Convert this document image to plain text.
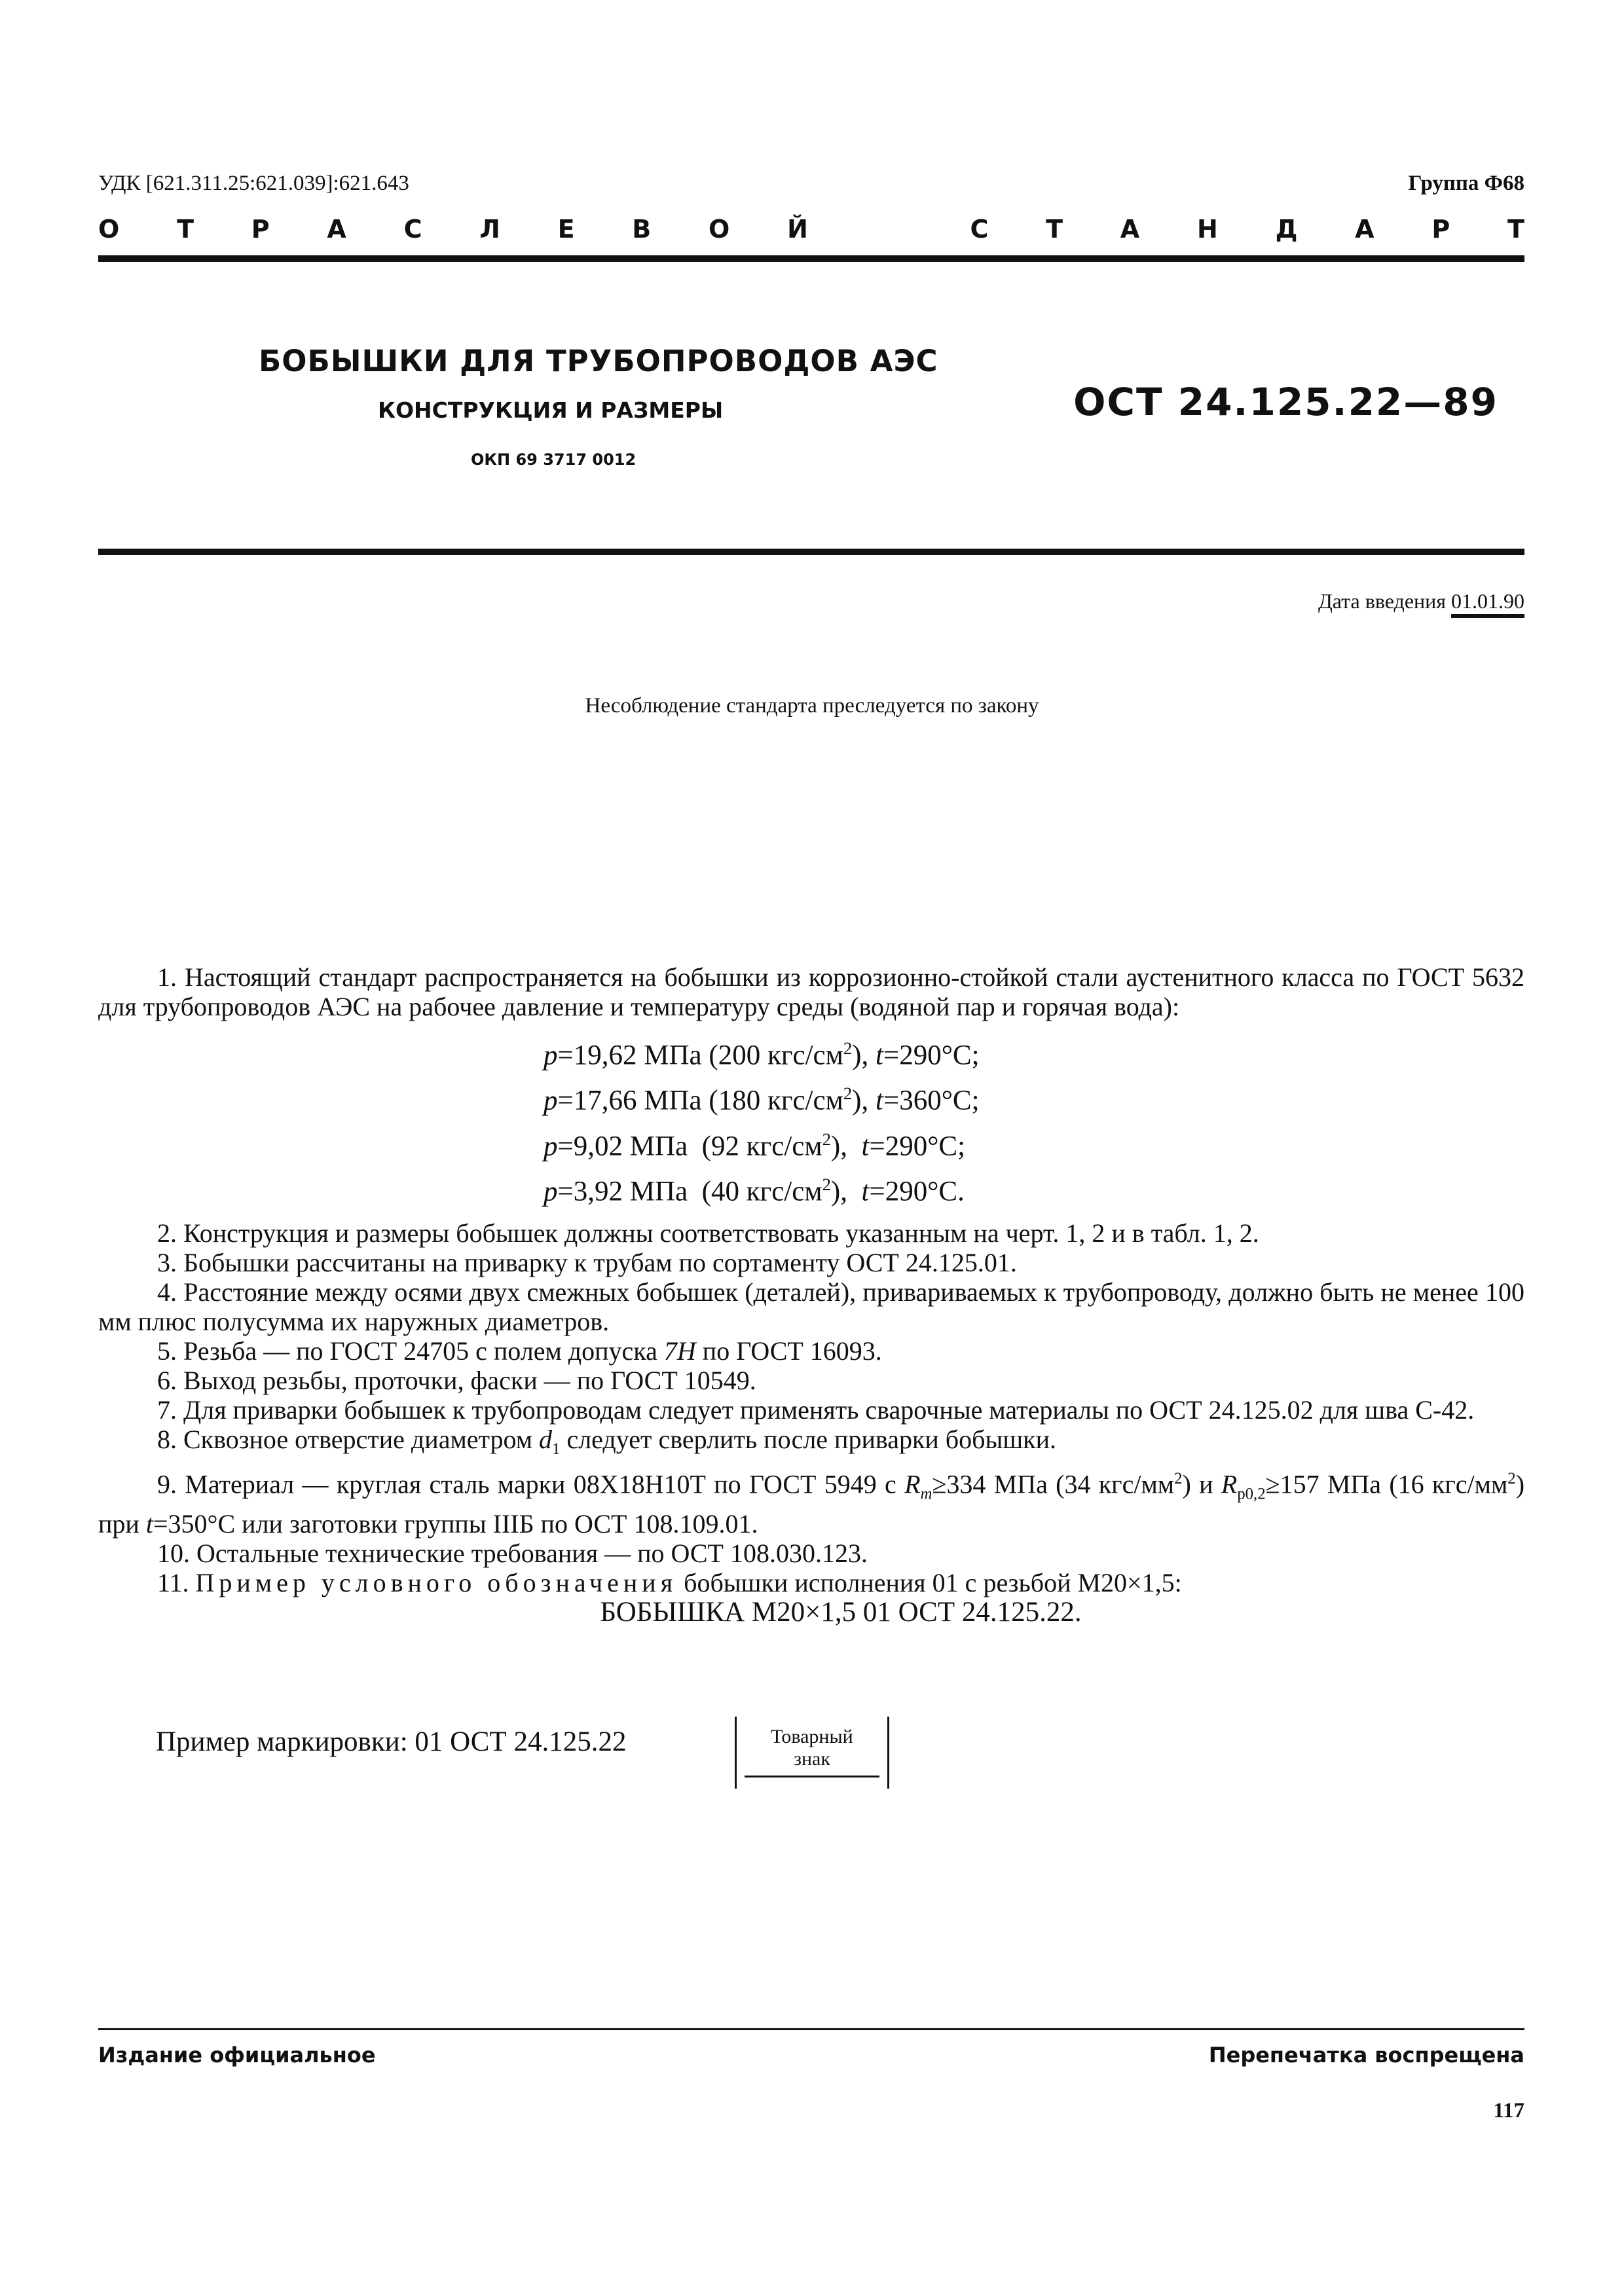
УДК [621.311.25:621.039]:621.643	Группа Ф68
О Т Р А С Л Е В О Й	С Т А Н Д А Р Т
БОБЫШКИ ДЛЯ ТРУБОПРОВОДОВ АЭС
КОНСТРУКЦИЯ И РАЗМЕРЫ
ОКП 69 3717 0012
ОСТ 24.125.22—89
Дата введения 01.01.90
Несоблюдение стандарта преследуется по закону

1. Настоящий стандарт распространяется на бобышки из коррозионно-стойкой стали аустенитного класса по ГОСТ 5632 для трубопроводов АЭС на рабочее давление и температуру среды (водяной пар и горячая вода):

p=19,62 МПа (200 кгс/$см^2$), t=290°С;
p=17,66 МПа (180 кгс/$см^2$), t=360°С;
p=9,02 МПа  (92 кгс/$см^2$),  t=290°С;
p=3,92 МПа  (40 кгс/$см^2$),  t=290°С.

2. Конструкция и размеры бобышек должны соответствовать указанным на черт. 1, 2 и в табл. 1, 2.

3. Бобышки рассчитаны на приварку к трубам по сортаменту ОСТ 24.125.01.

4. Расстояние между осями двух смежных бобышек (деталей), привариваемых к трубопроводу, должно быть не менее 100 мм плюс полусумма их наружных диаметров.

5. Резьба — по ГОСТ 24705 с полем допуска 7H по ГОСТ 16093.

6. Выход резьбы, проточки, фаски — по ГОСТ 10549.

7. Для приварки бобышек к трубопроводам следует применять сварочные материалы по ОСТ 24.125.02 для шва С-42.

8. Сквозное отверстие диаметром $d_1$ следует сверлить после приварки бобышки.

9. Материал — круглая сталь марки 08Х18Н10Т по ГОСТ 5949 с $R_m\ge 334$ МПа (34 кгс/$мм^2$) и $R_{p0,2}\ge 157$ МПа (16 кгс/$мм^2$) при t=350°С или заготовки группы IIIБ по ОСТ 108.109.01.

10. Остальные технические требования — по ОСТ 108.030.123.

11. Пример условного обозначения бобышки исполнения 01 с резьбой М20×1,5:

БОБЫШКА М20×1,5 01 ОСТ 24.125.22.

Пример маркировки: 01 ОСТ 24.125.22	Товарный
знак
Издание официальное	Перепечатка воспрещена
117
